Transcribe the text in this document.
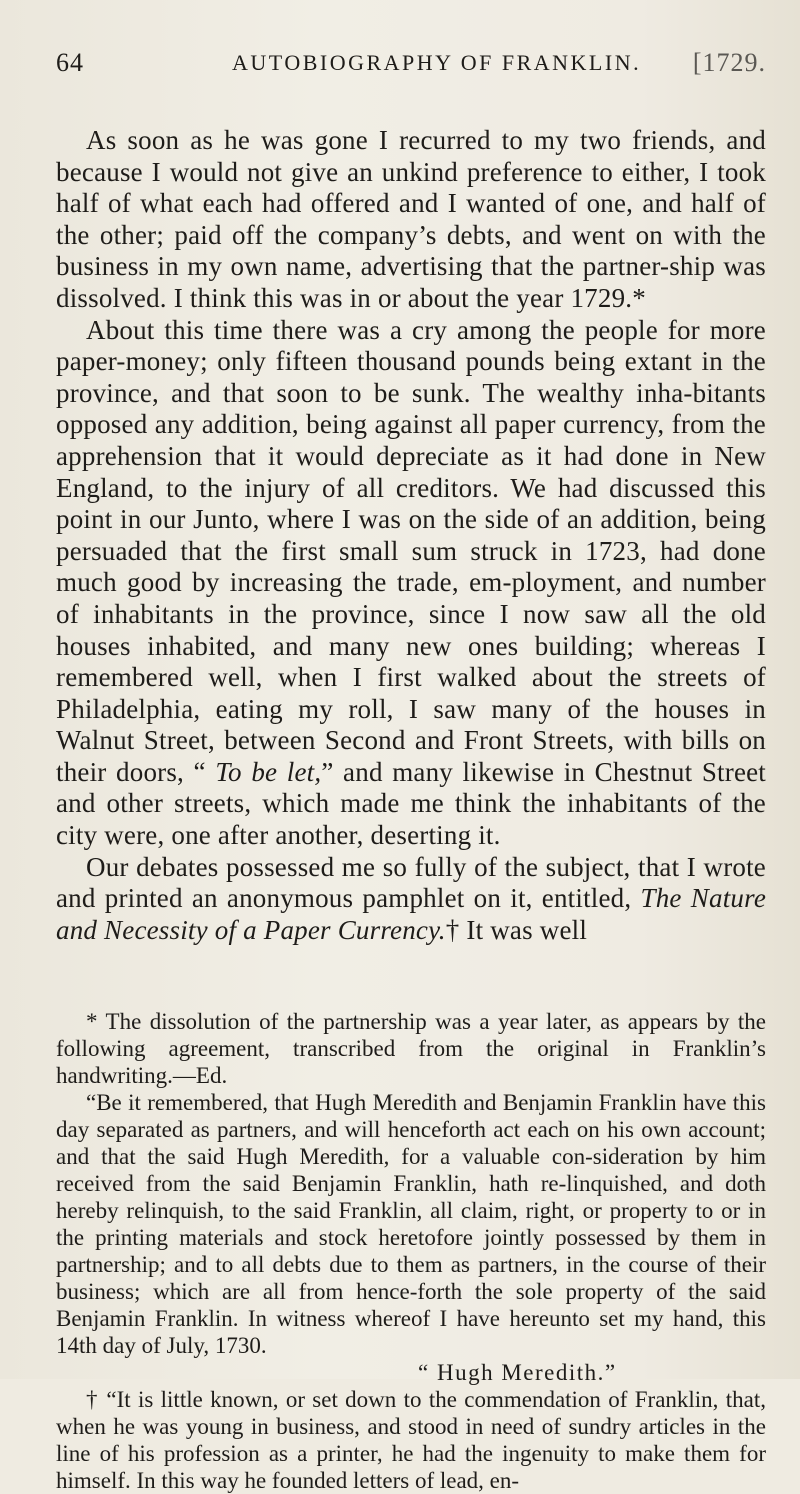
64	AUTOBIOGRAPHY OF FRANKLIN. [1729.

As soon as he was gone I recurred to my two friends, and because I would not give an unkind preference to either, I took half of what each had offered and I wanted of one, and half of the other; paid off the company’s debts, and went on with the business in my own name, advertising that the partner-ship was dissolved. I think this was in or about the year 1729.*

About this time there was a cry among the people for more paper-money; only fifteen thousand pounds being extant in the province, and that soon to be sunk. The wealthy inha-bitants opposed any addition, being against all paper currency, from the apprehension that it would depreciate as it had done in New England, to the injury of all creditors. We had discussed this point in our Junto, where I was on the side of an addition, being persuaded that the first small sum struck in 1723, had done much good by increasing the trade, em-ployment, and number of inhabitants in the province, since I now saw all the old houses inhabited, and many new ones building; whereas I remembered well, when I first walked about the streets of Philadelphia, eating my roll, I saw many of the houses in Walnut Street, between Second and Front Streets, with bills on their doors, “ To be let,” and many likewise in Chestnut Street and other streets, which made me think the inhabitants of the city were, one after another, deserting it.

Our debates possessed me so fully of the subject, that I wrote and printed an anonymous pamphlet on it, entitled, The Nature and Necessity of a Paper Currency.† It was well

* The dissolution of the partnership was a year later, as appears by the following agreement, transcribed from the original in Franklin’s handwriting.—Ed.

“Be it remembered, that Hugh Meredith and Benjamin Franklin have this day separated as partners, and will henceforth act each on his own account; and that the said Hugh Meredith, for a valuable con-sideration by him received from the said Benjamin Franklin, hath re-linquished, and doth hereby relinquish, to the said Franklin, all claim, right, or property to or in the printing materials and stock heretofore jointly possessed by them in partnership; and to all debts due to them as partners, in the course of their business; which are all from hence-forth the sole property of the said Benjamin Franklin. In witness whereof I have hereunto set my hand, this 14th day of July, 1730.

“ Hugh Meredith.”

† “It is little known, or set down to the commendation of Franklin, that, when he was young in business, and stood in need of sundry articles in the line of his profession as a printer, he had the ingenuity to make them for himself. In this way he founded letters of lead, en-
